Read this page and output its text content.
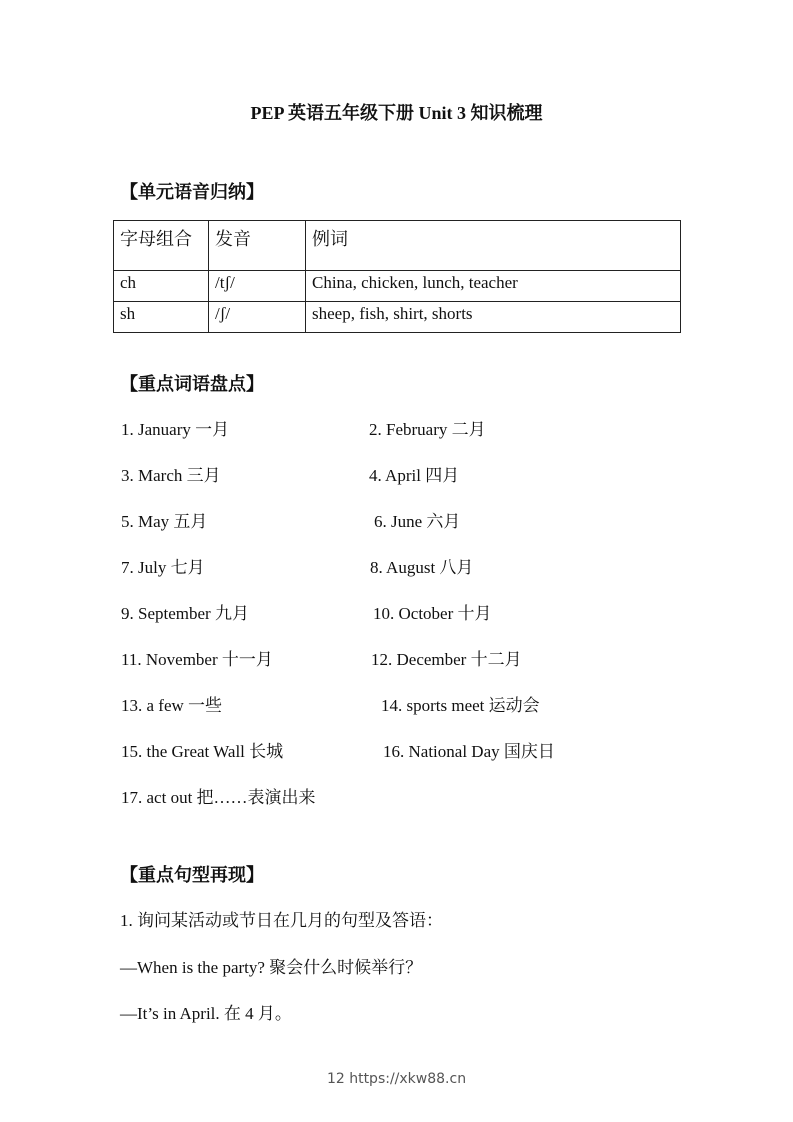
PEP 英语五年级下册 Unit 3 知识梳理
【单元语音归纳】
字母组合	发音	例词
ch	/tʃ/	China, chicken, lunch, teacher
sh	/ʃ/	sheep, fish, shirt, shorts
【重点词语盘点】
1. January 一月	2. February 二月
3. March 三月	4. April 四月
5. May 五月	6. June 六月
7. July 七月	8. August 八月
9. September 九月	10. October 十月
11. November 十一月	12. December 十二月
13. a few 一些	14. sports meet 运动会
15. the Great Wall 长城	16. National Day 国庆日
17. act out 把……表演出来
【重点句型再现】
1. 询问某活动或节日在几月的句型及答语：
—When is the party? 聚会什么时候举行？
—It’s in April. 在 4 月。
12 https://xkw88.cn
